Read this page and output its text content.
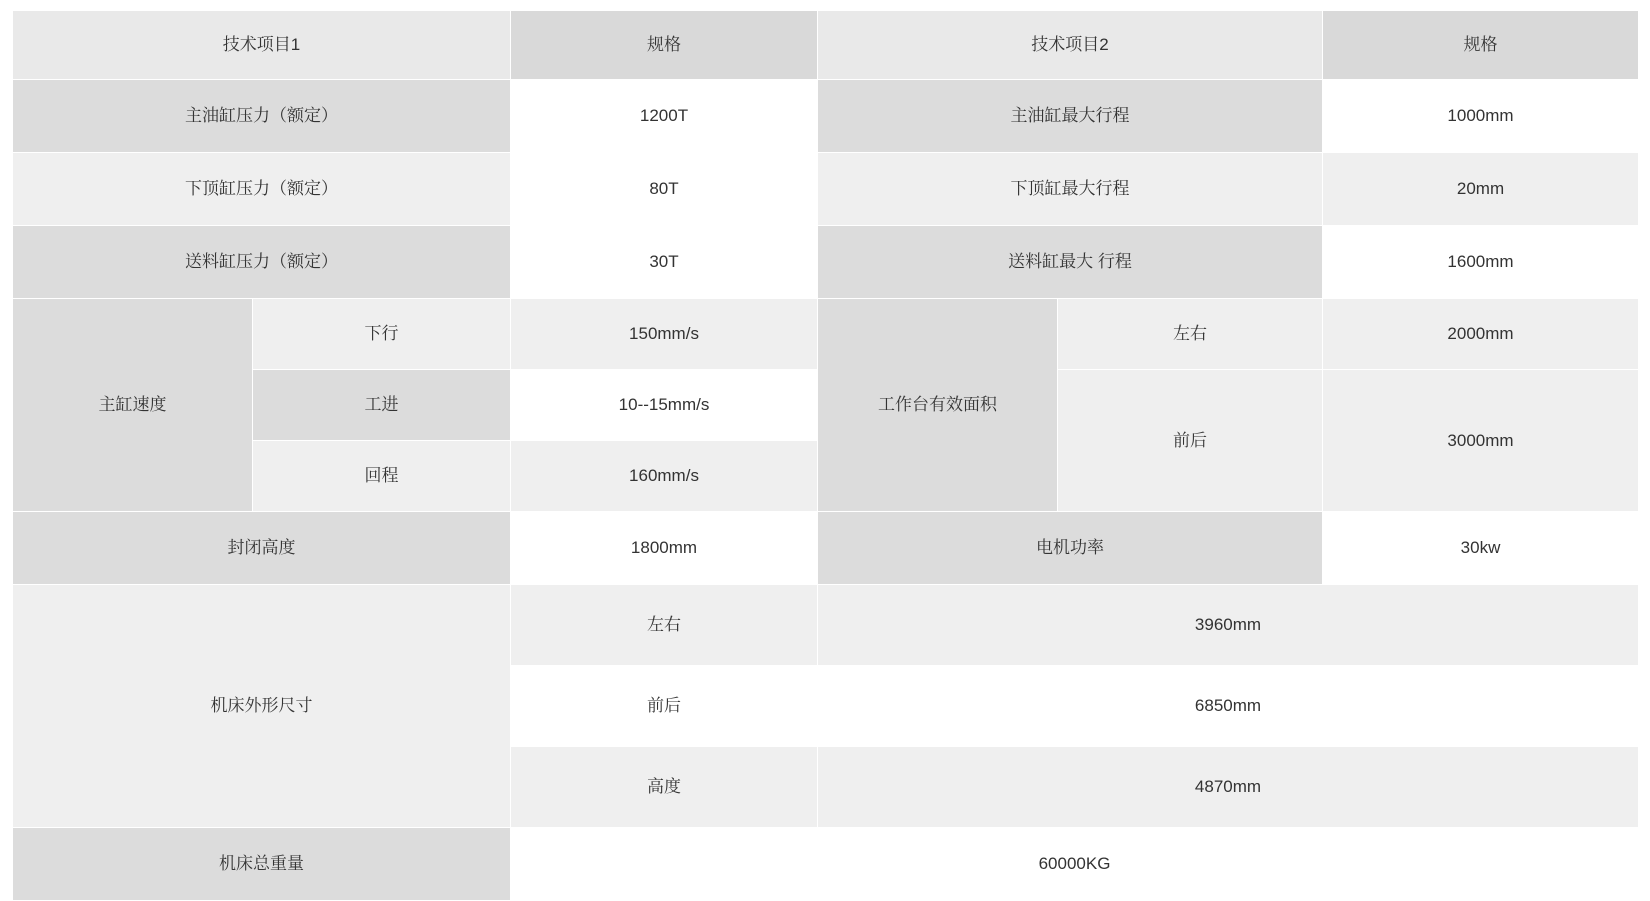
技术项目1		规格	技术项目2		规格
主油缸压力（额定）		1200T	主油缸最大行程		1000mm
下顶缸压力（额定）		80T	下顶缸最大行程		20mm
送料缸压力（额定）		30T	送料缸最大 行程		1600mm
主缸速度	下行	150mm/s	工作台有效面积	左右	2000mm
	工进	10--15mm/s		前后	3000mm
	回程	160mm/s			
封闭高度		1800mm	电机功率		30kw
机床外形尺寸		左右	3960mm		
		前后	6850mm		
		高度	4870mm		
机床总重量		60000KG			
